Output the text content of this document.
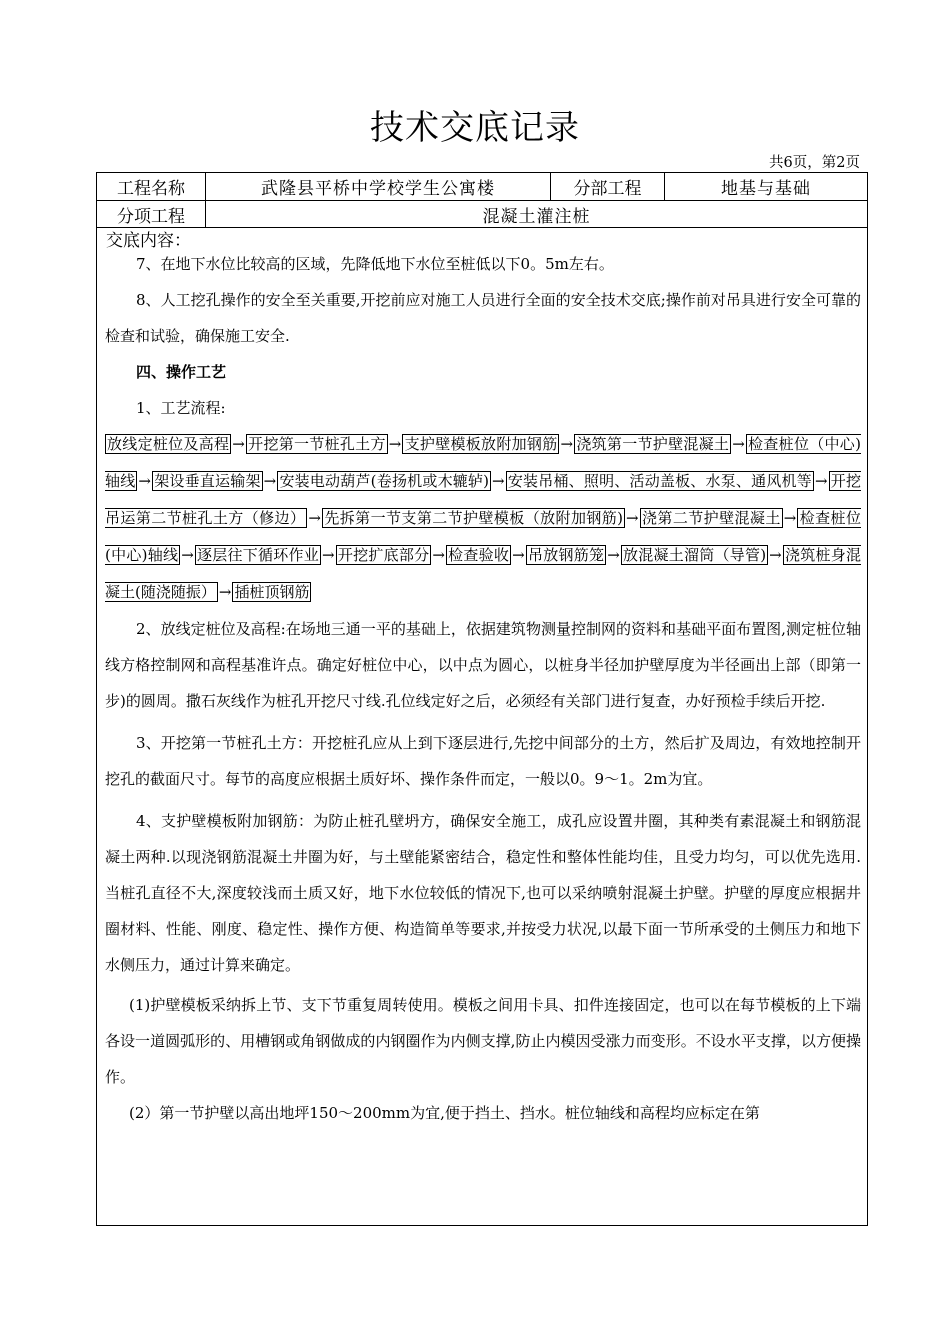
技术交底记录
共6页，第2页
工程名称	武隆县平桥中学校学生公寓楼	分部工程	地基与基础
分项工程	混凝土灌注桩
交底内容：

7、在地下水位比较高的区域，先降低地下水位至桩低以下0。5m左右。

8、人工挖孔操作的安全至关重要,开挖前应对施工人员进行全面的安全技术交底;操作前对吊具进行安全可靠的检查和试验，确保施工安全.

四、操作工艺

1、工艺流程:

放线定桩位及高程 → 开挖第一节桩孔土方 → 支护壁模板放附加钢筋 → 浇筑第一节护壁混凝土 → 检查桩位（中心)轴线 → 架设垂直运输架 → 安装电动葫芦(卷扬机或木辘轳) → 安装吊桶、照明、活动盖板、水泵、通风机等 → 开挖吊运第二节桩孔土方（修边） → 先拆第一节支第二节护壁模板（放附加钢筋) → 浇第二节护壁混凝土 → 检查桩位(中心)轴线 → 逐层往下循环作业 → 开挖扩底部分 → 检查验收 → 吊放钢筋笼 → 放混凝土溜筒（导管) → 浇筑桩身混凝土(随浇随振） → 插桩顶钢筋

2、放线定桩位及高程:在场地三通一平的基础上，依据建筑物测量控制网的资料和基础平面布置图,测定桩位轴线方格控制网和高程基准许点。确定好桩位中心，以中点为圆心，以桩身半径加护壁厚度为半径画出上部（即第一步)的圆周。撒石灰线作为桩孔开挖尺寸线.孔位线定好之后，必须经有关部门进行复查，办好预检手续后开挖.

3、开挖第一节桩孔土方：开挖桩孔应从上到下逐层进行,先挖中间部分的土方，然后扩及周边，有效地控制开挖孔的截面尺寸。每节的高度应根据土质好坏、操作条件而定，一般以0。9～1。2m为宜。

4、支护壁模板附加钢筋：为防止桩孔壁坍方，确保安全施工，成孔应设置井圈，其种类有素混凝土和钢筋混凝土两种.以现浇钢筋混凝土井圈为好，与土壁能紧密结合，稳定性和整体性能均佳，且受力均匀，可以优先选用.当桩孔直径不大,深度较浅而土质又好，地下水位较低的情况下,也可以采纳喷射混凝土护壁。护壁的厚度应根据井圈材料、性能、刚度、稳定性、操作方便、构造简单等要求,并按受力状况,以最下面一节所承受的土侧压力和地下水侧压力，通过计算来确定。

(1)护壁模板采纳拆上节、支下节重复周转使用。模板之间用卡具、扣件连接固定，也可以在每节模板的上下端各设一道圆弧形的、用槽钢或角钢做成的内钢圈作为内侧支撑,防止内模因受涨力而变形。不设水平支撑，以方便操作。

(2）第一节护壁以高出地坪150～200mm为宜,便于挡土、挡水。桩位轴线和高程均应标定在第
